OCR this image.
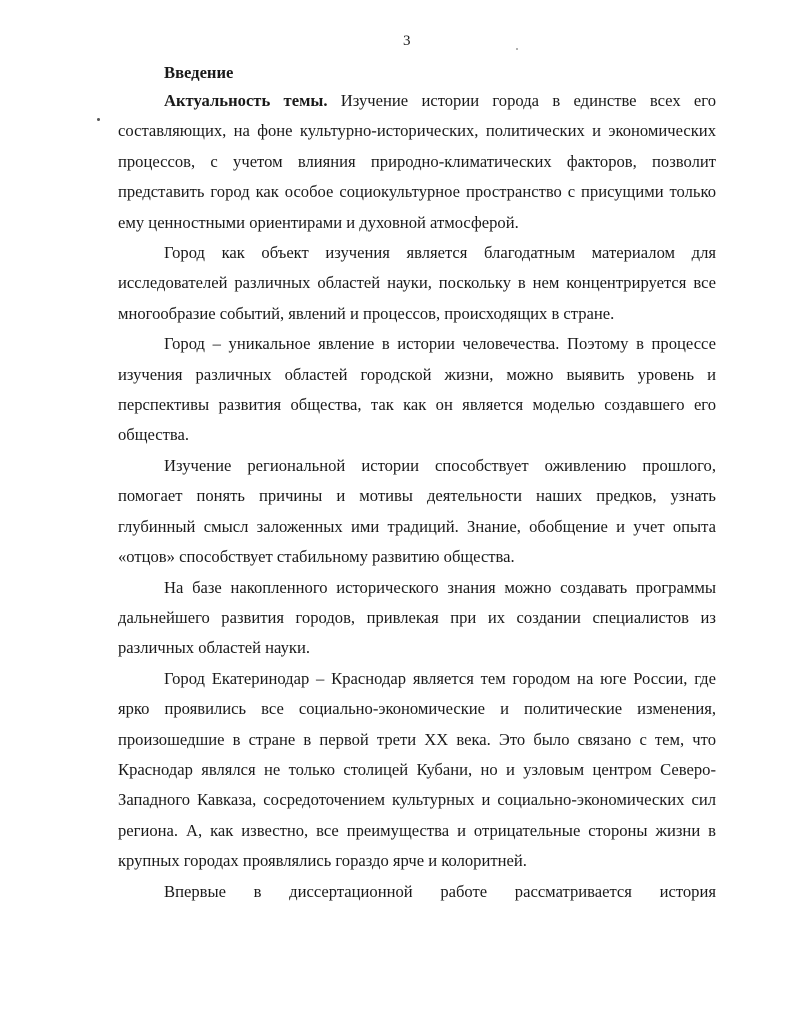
3

Введение

Актуальность темы. Изучение истории города в единстве всех его составляющих, на фоне культурно-исторических, политических и экономических процессов, с учетом влияния природно-климатических факторов, позволит представить город как особое социокультурное пространство с присущими только ему ценностными ориентирами и духовной атмосферой.

Город как объект изучения является благодатным материалом для исследователей различных областей науки, поскольку в нем концентрируется все многообразие событий, явлений и процессов, происходящих в стране.

Город – уникальное явление в истории человечества. Поэтому в процессе изучения различных областей городской жизни, можно выявить уровень и перспективы развития общества, так как он является моделью создавшего его общества.

Изучение региональной истории способствует оживлению прошлого, помогает понять причины и мотивы деятельности наших предков, узнать глубинный смысл заложенных ими традиций. Знание, обобщение и учет опыта «отцов» способствует стабильному развитию общества.

На базе накопленного исторического знания можно создавать программы дальнейшего развития городов, привлекая при их создании специалистов из различных областей науки.

Город Екатеринодар – Краснодар является тем городом на юге России, где ярко проявились все социально-экономические и политические изменения, произошедшие в стране в первой трети XX века. Это было связано с тем, что Краснодар являлся не только столицей Кубани, но и узловым центром Северо-Западного Кавказа, сосредоточением культурных и социально-экономических сил региона. А, как известно, все преимущества и отрицательные стороны жизни в крупных городах проявлялись гораздо ярче и колоритней.

Впервые в диссертационной работе рассматривается история
